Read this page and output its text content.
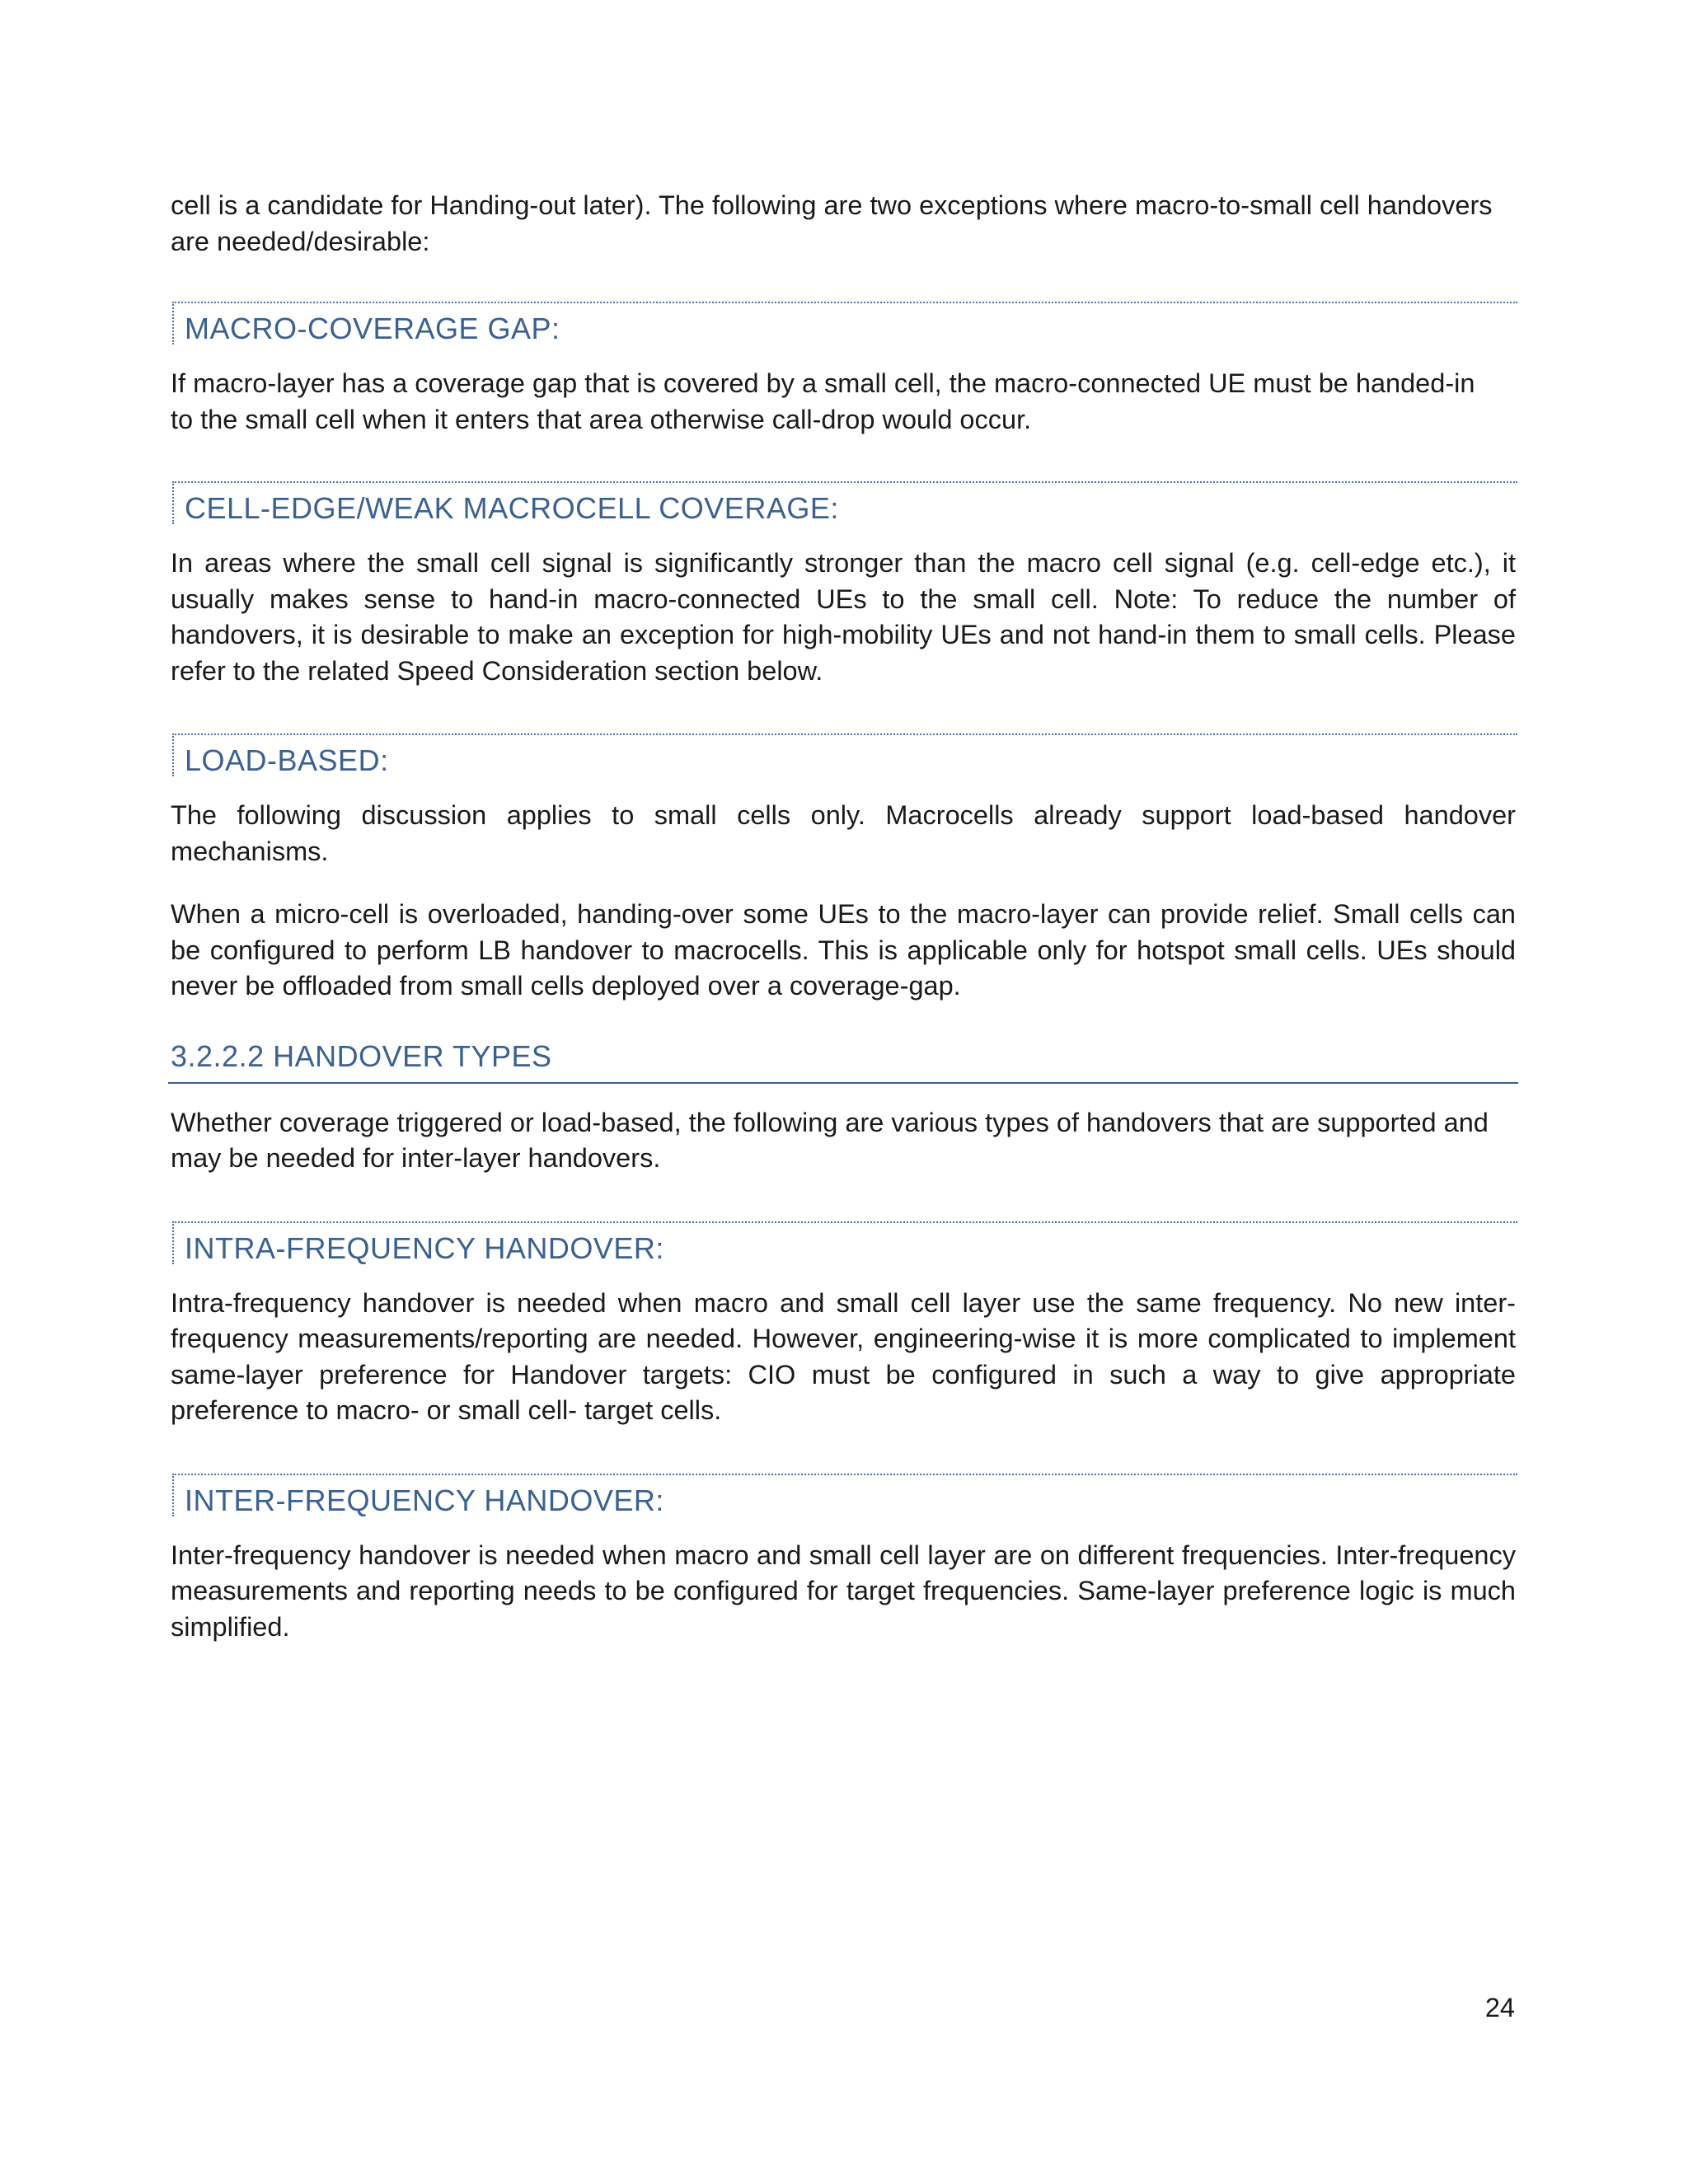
cell is a candidate for Handing-out later). The following are two exceptions where macro-to-small cell handovers
are needed/desirable:

MACRO-COVERAGE GAP:

If macro-layer has a coverage gap that is covered by a small cell, the macro-connected UE must be handed-in to the small cell when it enters that area otherwise call-drop would occur.

CELL-EDGE/WEAK MACROCELL COVERAGE:

In areas where the small cell signal is significantly stronger than the macro cell signal (e.g. cell-edge etc.), it usually makes sense to hand-in macro-connected UEs to the small cell. Note: To reduce the number of handovers, it is desirable to make an exception for high-mobility UEs and not hand-in them to small cells. Please refer to the related Speed Consideration section below.

LOAD-BASED:

The following discussion applies to small cells only. Macrocells already support load-based handover mechanisms.

When a micro-cell is overloaded, handing-over some UEs to the macro-layer can provide relief. Small cells can be configured to perform LB handover to macrocells. This is applicable only for hotspot small cells. UEs should never be offloaded from small cells deployed over a coverage-gap.

3.2.2.2 HANDOVER TYPES

Whether coverage triggered or load-based, the following are various types of handovers that are supported and may be needed for inter-layer handovers.

INTRA-FREQUENCY HANDOVER:

Intra-frequency handover is needed when macro and small cell layer use the same frequency. No new inter-frequency measurements/reporting are needed. However, engineering-wise it is more complicated to implement same-layer preference for Handover targets: CIO must be configured in such a way to give appropriate preference to macro- or small cell- target cells.

INTER-FREQUENCY HANDOVER:

Inter-frequency handover is needed when macro and small cell layer are on different frequencies. Inter-frequency measurements and reporting needs to be configured for target frequencies. Same-layer preference logic is much simplified.

24
